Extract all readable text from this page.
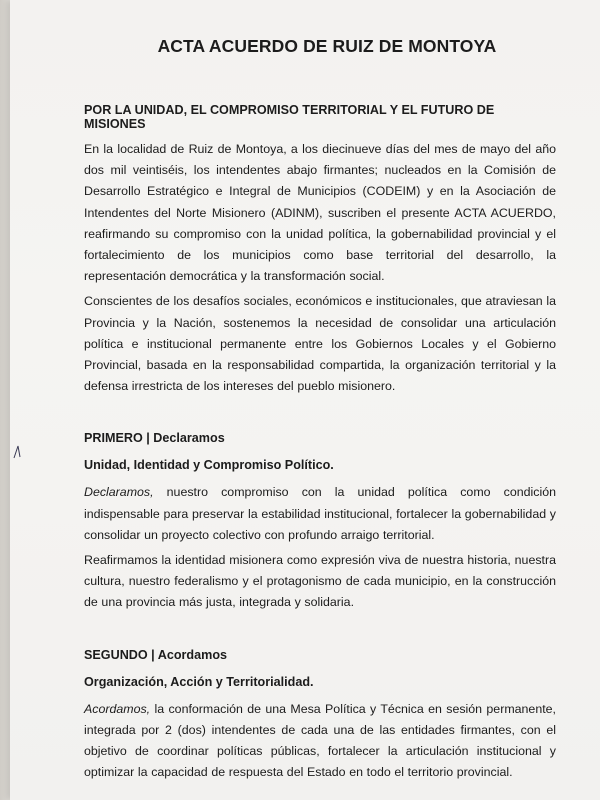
ACTA ACUERDO DE RUIZ DE MONTOYA
POR LA UNIDAD, EL COMPROMISO TERRITORIAL Y EL FUTURO DE MISIONES

En la localidad de Ruiz de Montoya, a los diecinueve días del mes de mayo del año dos mil veintiséis, los intendentes abajo firmantes; nucleados en la Comisión de Desarrollo Estratégico e Integral de Municipios (CODEIM) y en la Asociación de Intendentes del Norte Misionero (ADINM), suscriben el presente ACTA ACUERDO, reafirmando su compromiso con la unidad política, la gobernabilidad provincial y el fortalecimiento de los municipios como base territorial del desarrollo, la representación democrática y la transformación social.

Conscientes de los desafíos sociales, económicos e institucionales, que atraviesan la Provincia y la Nación, sostenemos la necesidad de consolidar una articulación política e institucional permanente entre los Gobiernos Locales y el Gobierno Provincial, basada en la responsabilidad compartida, la organización territorial y la defensa irrestricta de los intereses del pueblo misionero.

PRIMERO | Declaramos
Unidad, Identidad y Compromiso Político.

Declaramos, nuestro compromiso con la unidad política como condición indispensable para preservar la estabilidad institucional, fortalecer la gobernabilidad y consolidar un proyecto colectivo con profundo arraigo territorial.

Reafirmamos la identidad misionera como expresión viva de nuestra historia, nuestra cultura, nuestro federalismo y el protagonismo de cada municipio, en la construcción de una provincia más justa, integrada y solidaria.

SEGUNDO | Acordamos
Organización, Acción y Territorialidad.

Acordamos, la conformación de una Mesa Política y Técnica en sesión permanente, integrada por 2 (dos) intendentes de cada una de las entidades firmantes, con el objetivo de coordinar políticas públicas, fortalecer la articulación institucional y optimizar la capacidad de respuesta del Estado en todo el territorio provincial.
